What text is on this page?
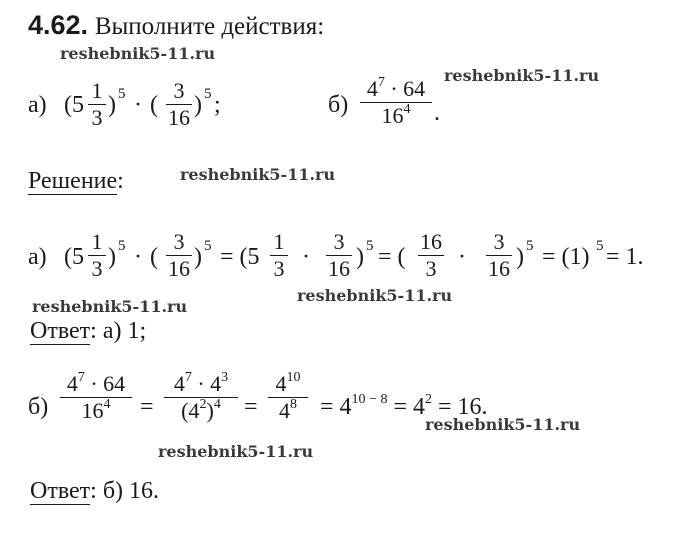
4.62. Выполните действия:
reshebnik5-11.ru
reshebnik5-11.ru
reshebnik5-11.ru
reshebnik5-11.ru
reshebnik5-11.ru
reshebnik5-11.ru
reshebnik5-11.ru
а) (5
1
3 ) 5 · (
3
16 ) 5 ;	б)
$4^7 \cdot 64$
$16^4$ .
Решение:
а) (5
1
3 ) 5 · (
3
16 ) 5 = (5
1
3 ·
3
16 ) 5 = (
16
3 ·
3
16 ) 5 = (1) 5 = 1.
Ответ: а) 1;
б)
$4^7 \cdot 64$
$16^4$	=
$4^7 \cdot 4^3$
$(4^2)^4$ =
$4^{10}$
$4^8 = 4^{10 - 8} = 4^2 = 16$.
Ответ: б) 16.
